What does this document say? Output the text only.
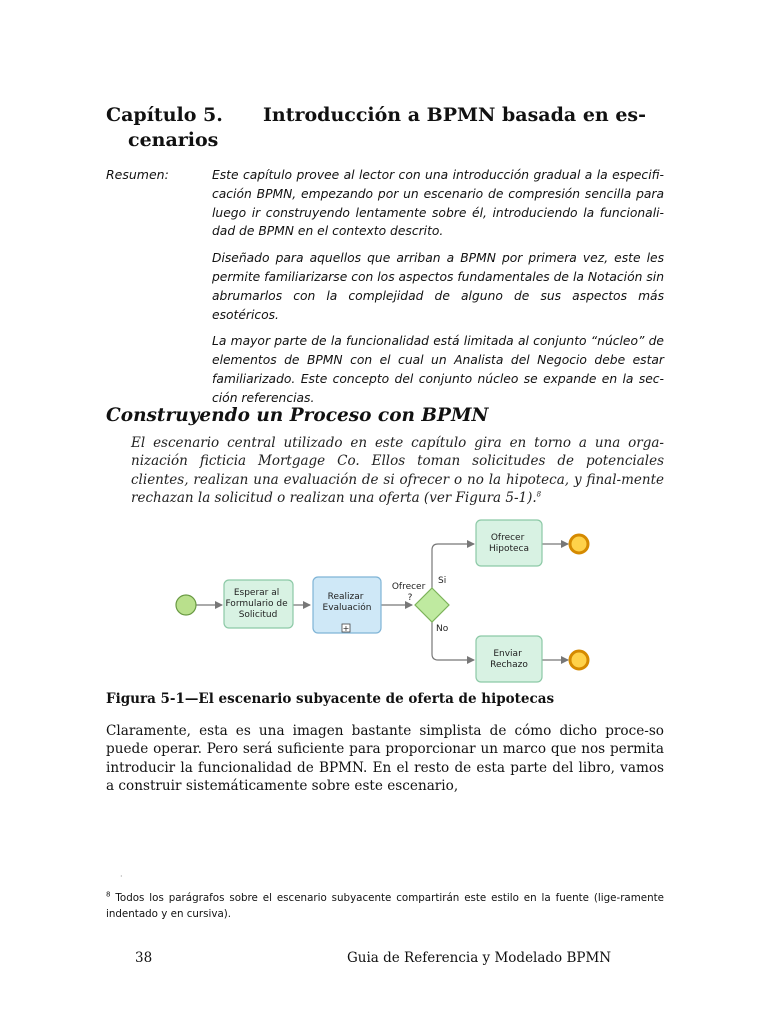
Capítulo 5. Introducción a BPMN basada en es-
cenarios
Resumen:	Este capítulo provee al lector con una introducción gradual a la especifi-cación BPMN, empezando por un escenario de compresión sencilla para luego ir construyendo lentamente sobre él, introduciendo la funcionali-dad de BPMN en el contexto descrito.

Diseñado para aquellos que arriban a BPMN por primera vez, este les permite familiarizarse con los aspectos fundamentales de la Notación sin abrumarlos con la complejidad de alguno de sus aspectos más esotéricos.

La mayor parte de la funcionalidad está limitada al conjunto “núcleo” de elementos de BPMN con el cual un Analista del Negocio debe estar familiarizado. Este concepto del conjunto núcleo se expande en la sec-ción referencias.

Construyendo un Proceso con BPMN
El escenario central utilizado en este capítulo gira en torno a una orga-nización ficticia Mortgage Co. Ellos toman solicitudes de potenciales clientes, realizan una evaluación de si ofrecer o no la hipoteca, y final-mente rechazan la solicitud o realizan una oferta (ver Figura 5-1).$^8$
Esperar al Formulario de Solicitud
Realizar Evaluación
+
Ofrecer ?
Si
No
Ofrecer Hipoteca
Enviar Rechazo
Figura 5-1—El escenario subyacente de oferta de hipotecas
Claramente, esta es una imagen bastante simplista de cómo dicho proce-so puede operar. Pero será suficiente para proporcionar un marco que nos permita introducir la funcionalidad de BPMN. En el resto de esta parte del libro, vamos a construir sistemáticamente sobre este escenario,
·
$^8$ Todos los parágrafos sobre el escenario subyacente compartirán este estilo en la fuente (lige-ramente indentado y en cursiva).
38	Guia de Referencia y Modelado BPMN
